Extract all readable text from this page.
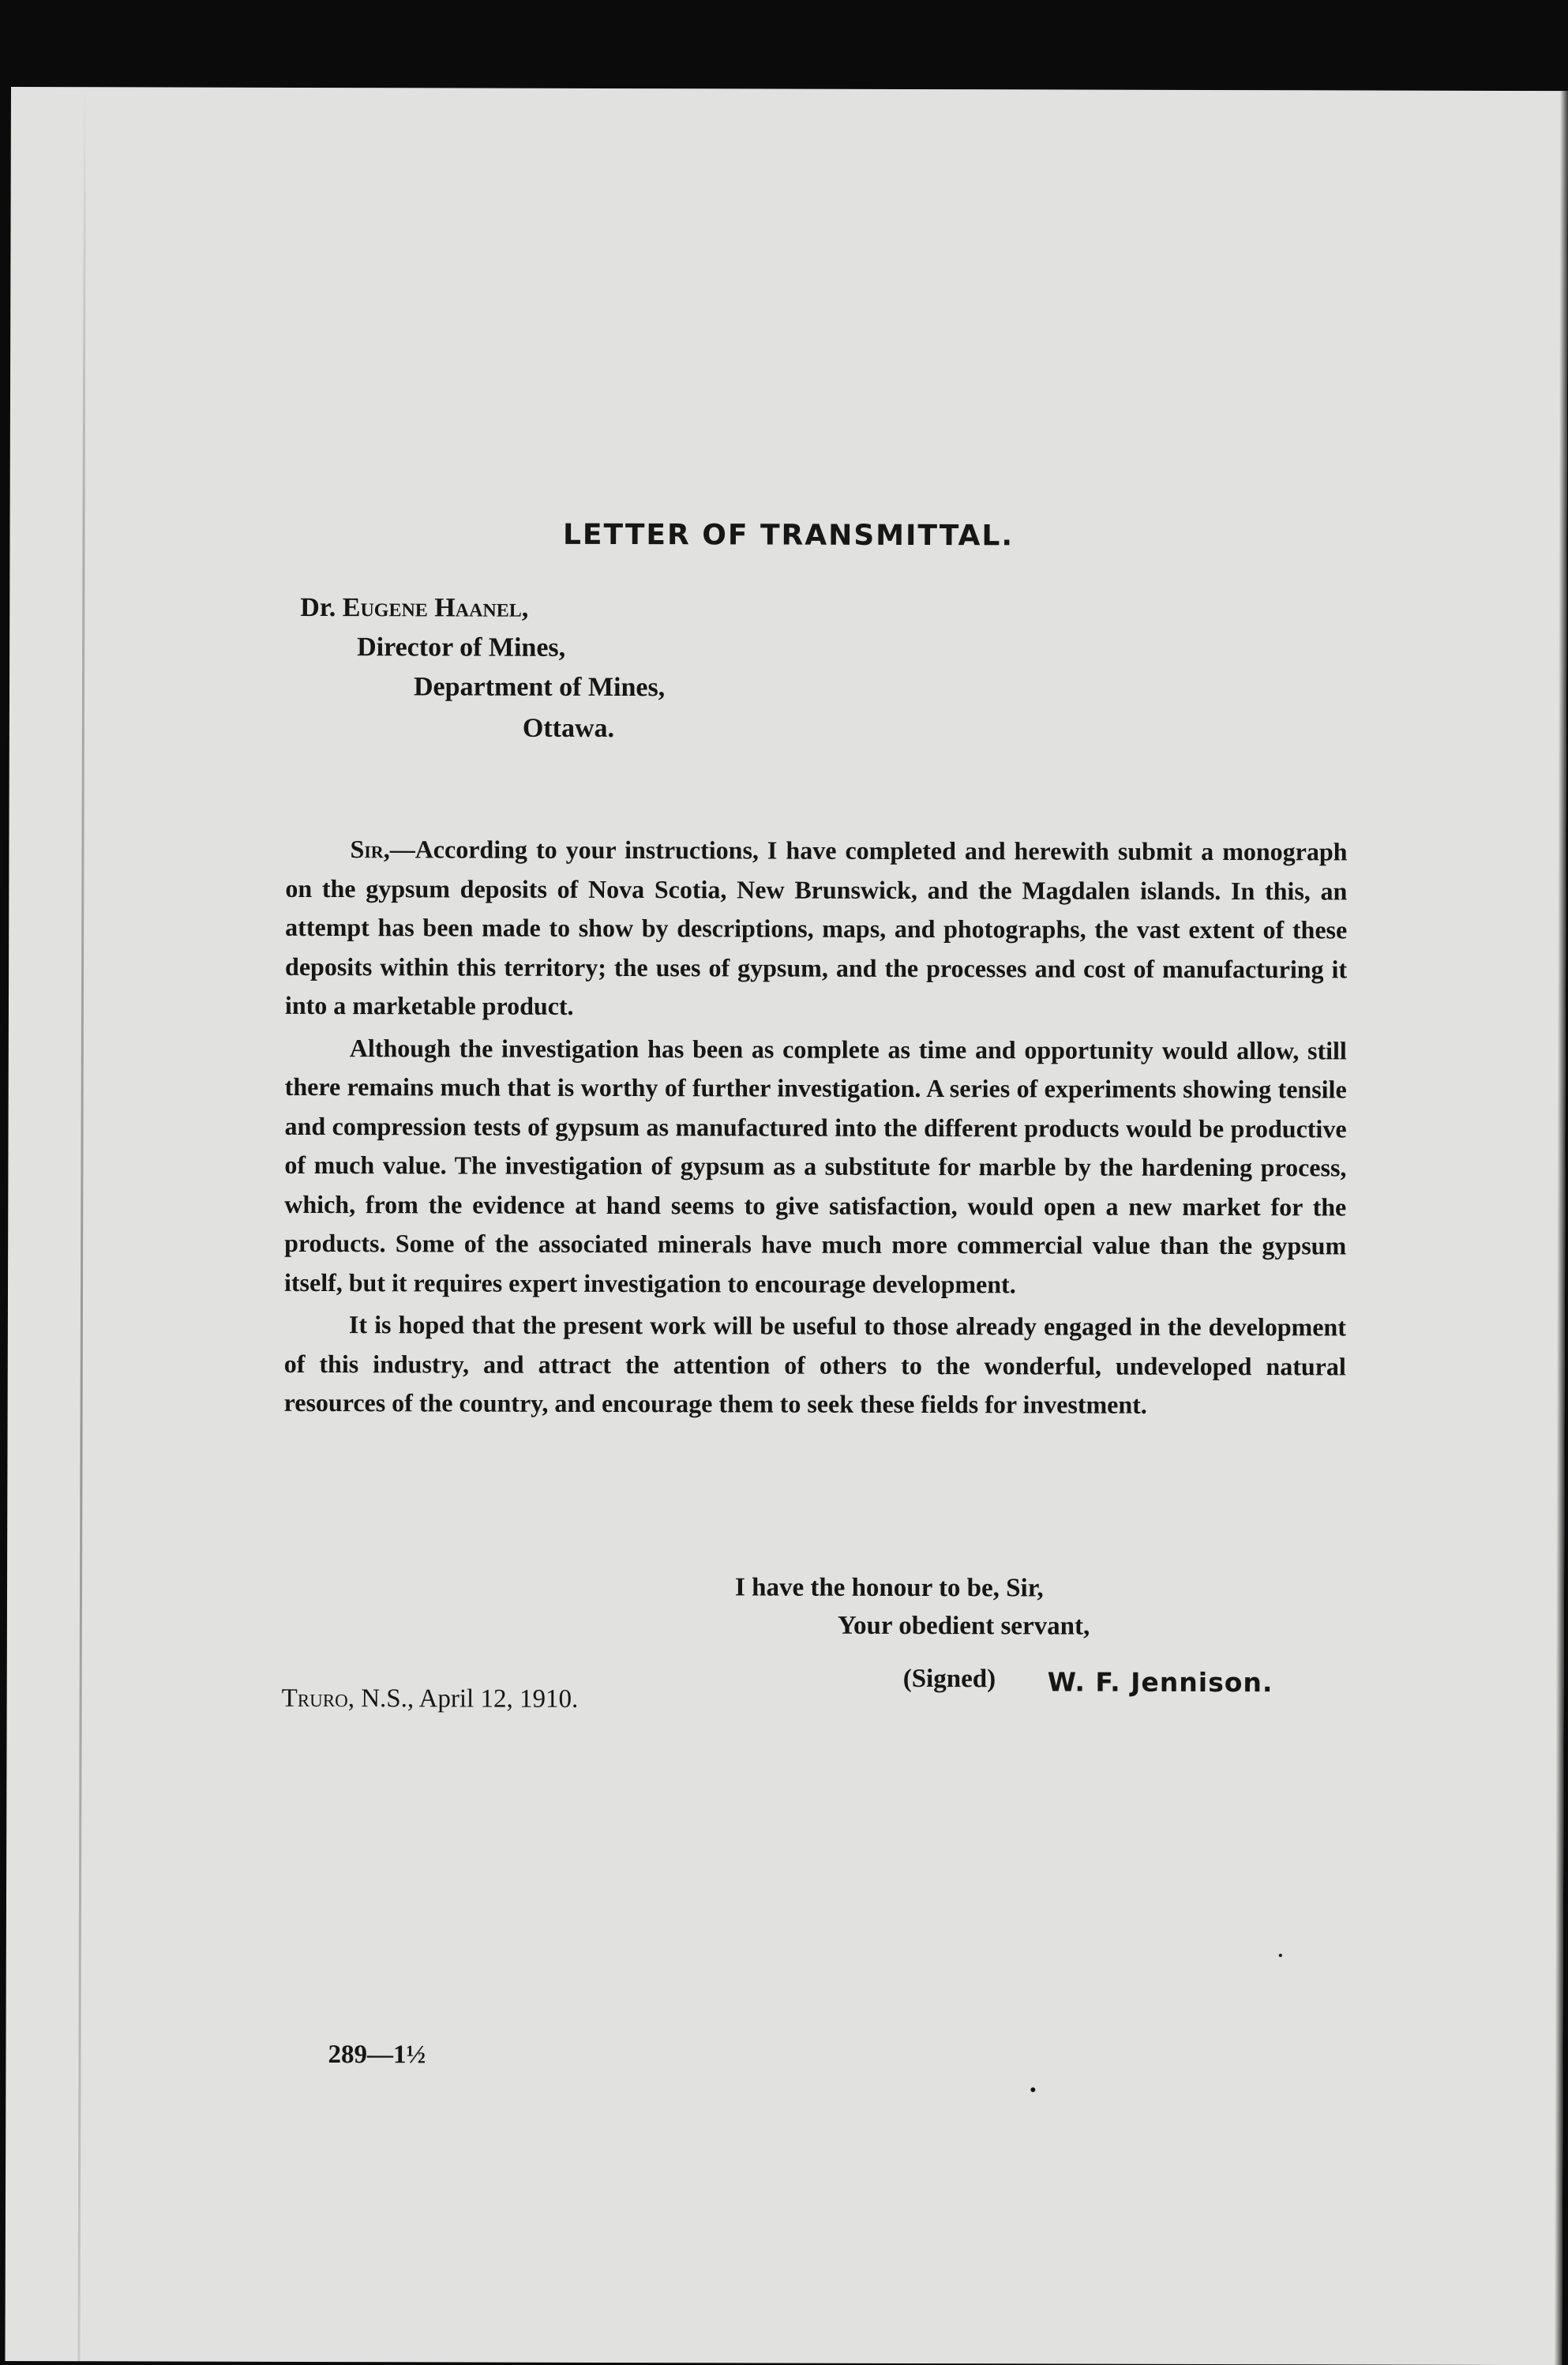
LETTER OF TRANSMITTAL.
Dr. Eugene Haanel,
Director of Mines,
Department of Mines,
Ottawa.

Sir,—According to your instructions, I have completed and herewith submit a monograph on the gypsum deposits of Nova Scotia, New Brunswick, and the Magdalen islands. In this, an attempt has been made to show by descriptions, maps, and photographs, the vast extent of these deposits within this territory; the uses of gypsum, and the processes and cost of manufacturing it into a marketable product.

Although the investigation has been as complete as time and opportunity would allow, still there remains much that is worthy of further investigation. A series of experiments showing tensile and compression tests of gypsum as manufactured into the different products would be productive of much value. The investigation of gypsum as a substitute for marble by the hardening process, which, from the evidence at hand seems to give satisfaction, would open a new market for the products. Some of the associated minerals have much more commercial value than the gypsum itself, but it requires expert investigation to encourage development.

It is hoped that the present work will be useful to those already engaged in the development of this industry, and attract the attention of others to the wonderful, undeveloped natural resources of the country, and encourage them to seek these fields for investment.

I have the honour to be, Sir,
Your obedient servant,
(Signed) W. F. Jennison.
Truro, N.S., April 12, 1910.
289—1½
